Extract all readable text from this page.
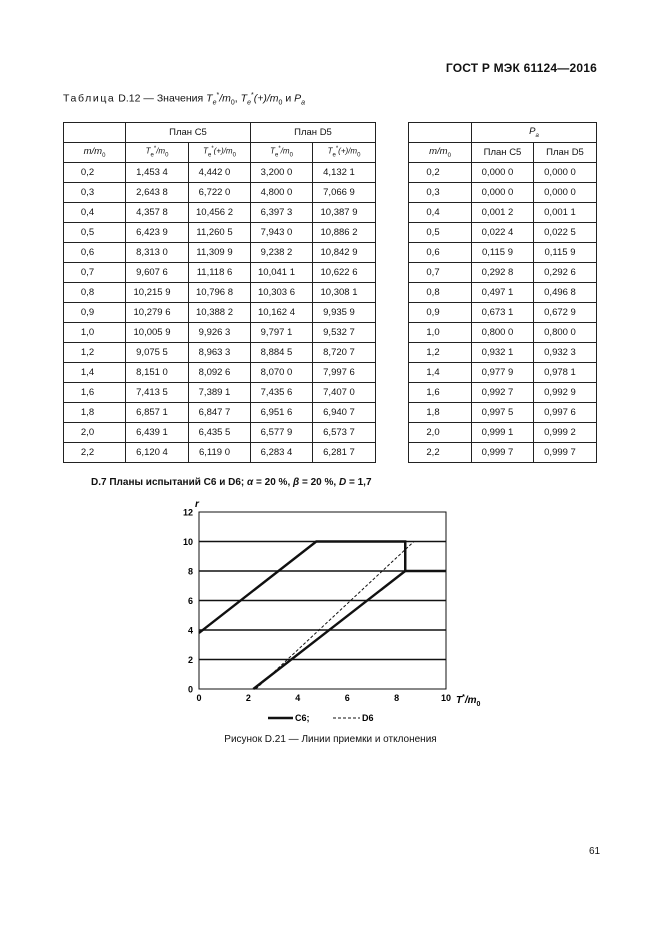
ГОСТ Р МЭК 61124—2016
Таблица D.12 — Значения $T_e^*/m_0$, $T_e^*(+)/m_0$ и $P_a$
	План С5		План D5	
$m/m_0$	$T_e^*/m_0$	$T_e^*(+)/m_0$	$T_e^*/m_0$	$T_e^*(+)/m_0$
0,2	1,453 4	4,442 0	3,200 0	4,132 1
0,3	2,643 8	6,722 0	4,800 0	7,066 9
0,4	4,357 8	10,456 2	6,397 3	10,387 9
0,5	6,423 9	11,260 5	7,943 0	10,886 2
0,6	8,313 0	11,309 9	9,238 2	10,842 9
0,7	9,607 6	11,118 6	10,041 1	10,622 6
0,8	10,215 9	10,796 8	10,303 6	10,308 1
0,9	10,279 6	10,388 2	10,162 4	9,935 9
1,0	10,005 9	9,926 3	9,797 1	9,532 7
1,2	9,075 5	8,963 3	8,884 5	8,720 7
1,4	8,151 0	8,092 6	8,070 0	7,997 6
1,6	7,413 5	7,389 1	7,435 6	7,407 0
1,8	6,857 1	6,847 7	6,951 6	6,940 7
2,0	6,439 1	6,435 5	6,577 9	6,573 7
2,2	6,120 4	6,119 0	6,283 4	6,281 7
	$P_a$
$m/m_0$	План С5	План D5
0,2	0,000 0	0,000 0
0,3	0,000 0	0,000 0
0,4	0,001 2	0,001 1
0,5	0,022 4	0,022 5
0,6	0,115 9	0,115 9
0,7	0,292 8	0,292 6
0,8	0,497 1	0,496 8
0,9	0,673 1	0,672 9
1,0	0,800 0	0,800 0
1,2	0,932 1	0,932 3
1,4	0,977 9	0,978 1
1,6	0,992 7	0,992 9
1,8	0,997 5	0,997 6
2,0	0,999 1	0,999 2
2,2	0,999 7	0,999 7
D.7 Планы испытаний С6 и D6; α = 20 %, β = 20 %, D = 1,7
0
2
4
6
8
10
12
0	2	4	6	8	10
r
$T^*/m_0$
С6;	D6
Рисунок D.21 — Линии приемки и отклонения
61
